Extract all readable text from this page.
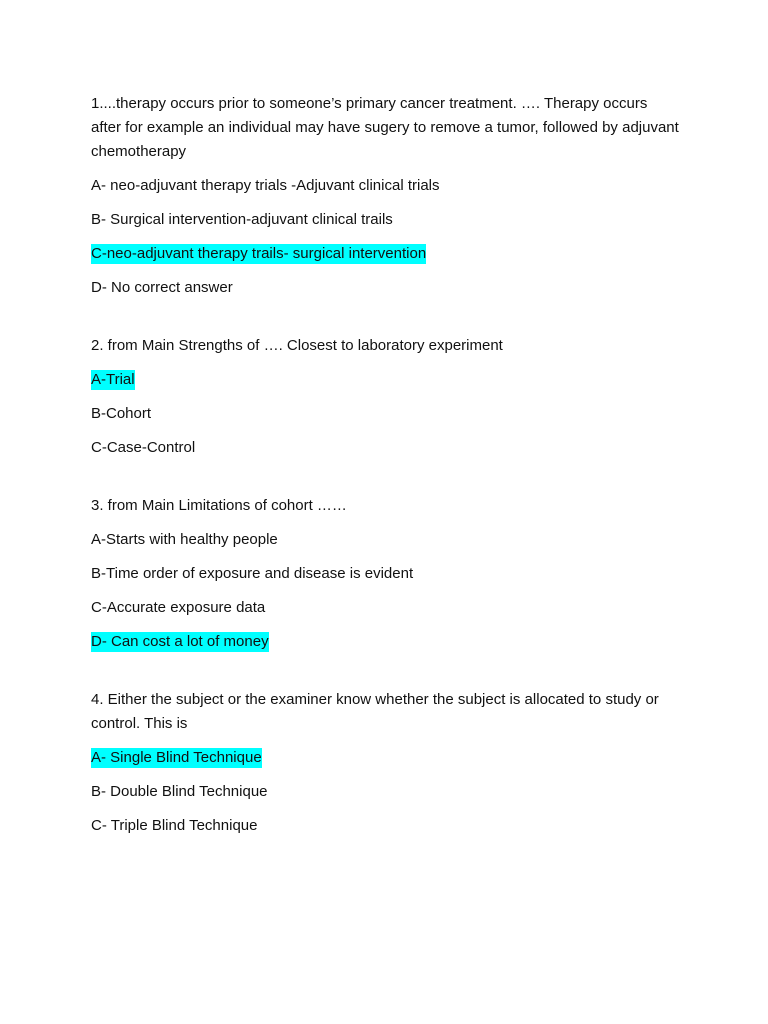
1....therapy occurs prior to someone’s primary cancer treatment. …. Therapy occurs after for example an individual may have sugery to remove a tumor, followed by adjuvant chemotherapy

A- neo-adjuvant therapy trials -Adjuvant clinical trials
B- Surgical intervention-adjuvant clinical trails
C-neo-adjuvant therapy trails- surgical intervention
D- No correct answer

2. from Main Strengths of …. Closest to laboratory experiment

A-Trial
B-Cohort
C-Case-Control

3. from Main Limitations of cohort ……

A-Starts with healthy people
B-Time order of exposure and disease is evident
C-Accurate exposure data
D- Can cost a lot of money

4. Either the subject or the examiner know whether the subject is allocated to study or control. This is

A- Single Blind Technique
B- Double Blind Technique
C- Triple Blind Technique
